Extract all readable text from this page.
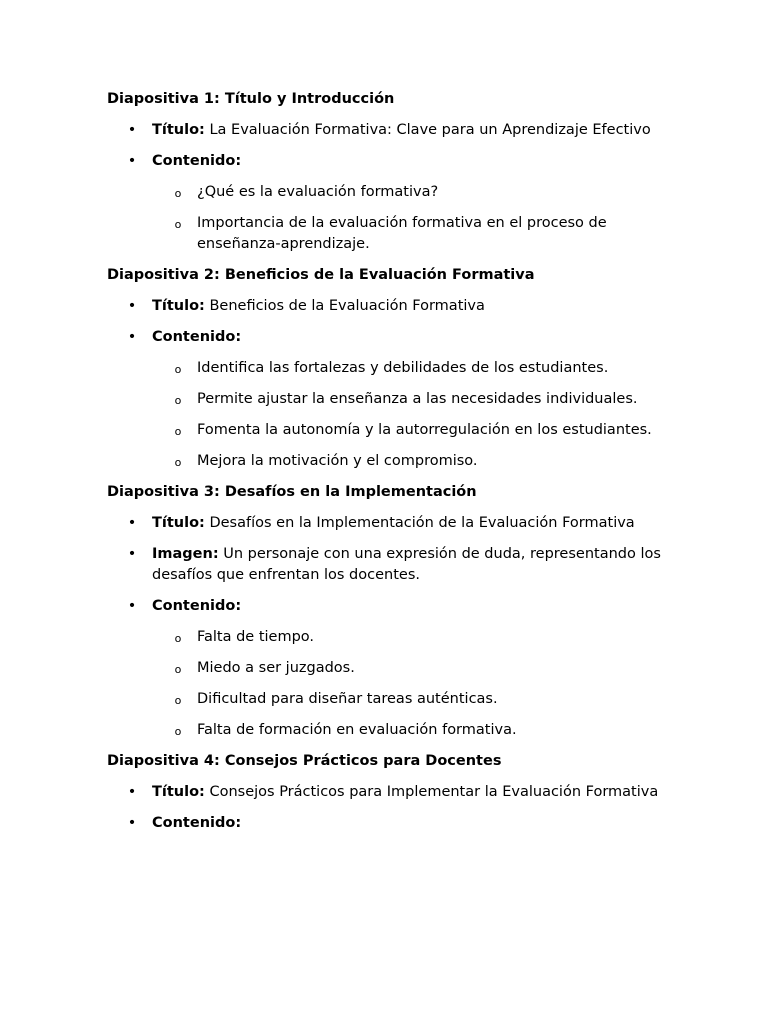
Diapositiva 1: Título y Introducción
• Título: La Evaluación Formativa: Clave para un Aprendizaje Efectivo
• Contenido:
o ¿Qué es la evaluación formativa?
o Importancia de la evaluación formativa en el proceso de enseñanza-aprendizaje.
Diapositiva 2: Beneficios de la Evaluación Formativa
• Título: Beneficios de la Evaluación Formativa
• Contenido:
o Identifica las fortalezas y debilidades de los estudiantes.
o Permite ajustar la enseñanza a las necesidades individuales.
o Fomenta la autonomía y la autorregulación en los estudiantes.
o Mejora la motivación y el compromiso.
Diapositiva 3: Desafíos en la Implementación
• Título: Desafíos en la Implementación de la Evaluación Formativa
• Imagen: Un personaje con una expresión de duda, representando los desafíos que enfrentan los docentes.
• Contenido:
o Falta de tiempo.
o Miedo a ser juzgados.
o Dificultad para diseñar tareas auténticas.
o Falta de formación en evaluación formativa.
Diapositiva 4: Consejos Prácticos para Docentes
• Título: Consejos Prácticos para Implementar la Evaluación Formativa
• Contenido:
